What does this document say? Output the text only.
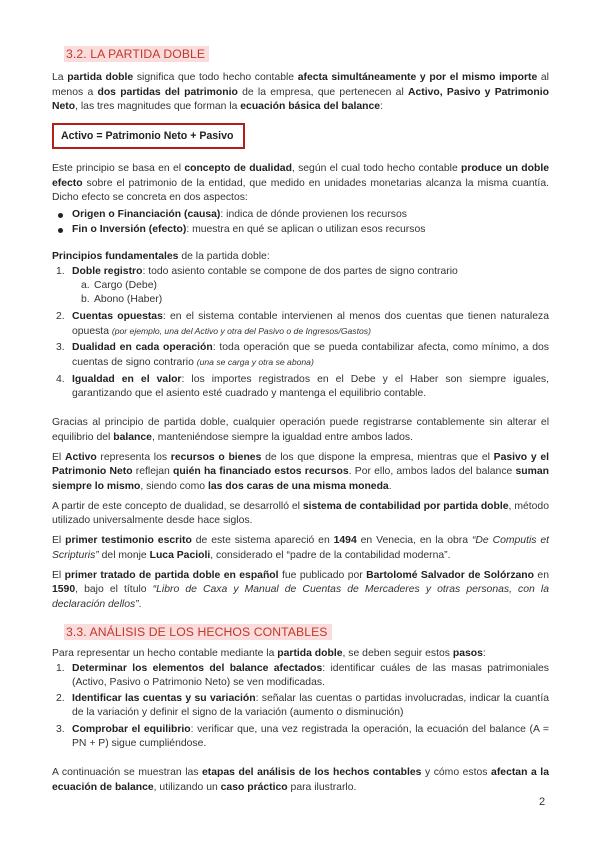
3.2. LA PARTIDA DOBLE

La partida doble significa que todo hecho contable afecta simultáneamente y por el mismo importe al menos a dos partidas del patrimonio de la empresa, que pertenecen al Activo, Pasivo y Patrimonio Neto, las tres magnitudes que forman la ecuación básica del balance:

Activo = Patrimonio Neto + Pasivo

Este principio se basa en el concepto de dualidad, según el cual todo hecho contable produce un doble efecto sobre el patrimonio de la entidad, que medido en unidades monetarias alcanza la misma cuantía. Dicho efecto se concreta en dos aspectos:

Origen o Financiación (causa): indica de dónde provienen los recursos
Fin o Inversión (efecto): muestra en qué se aplican o utilizan esos recursos

Principios fundamentales de la partida doble:

1. Doble registro: todo asiento contable se compone de dos partes de signo contrario
a. Cargo (Debe)
b. Abono (Haber)
2. Cuentas opuestas: en el sistema contable intervienen al menos dos cuentas que tienen naturaleza opuesta (por ejemplo, una del Activo y otra del Pasivo o de Ingresos/Gastos)
3. Dualidad en cada operación: toda operación que se pueda contabilizar afecta, como mínimo, a dos cuentas de signo contrario (una se carga y otra se abona)
4. Igualdad en el valor: los importes registrados en el Debe y el Haber son siempre iguales, garantizando que el asiento esté cuadrado y mantenga el equilibrio contable.

Gracias al principio de partida doble, cualquier operación puede registrarse contablemente sin alterar el equilibrio del balance, manteniéndose siempre la igualdad entre ambos lados.

El Activo representa los recursos o bienes de los que dispone la empresa, mientras que el Pasivo y el Patrimonio Neto reflejan quién ha financiado estos recursos. Por ello, ambos lados del balance suman siempre lo mismo, siendo como las dos caras de una misma moneda.

A partir de este concepto de dualidad, se desarrolló el sistema de contabilidad por partida doble, método utilizado universalmente desde hace siglos.

El primer testimonio escrito de este sistema apareció en 1494 en Venecia, en la obra “De Computis et Scripturis” del monje Luca Pacioli, considerado el “padre de la contabilidad moderna”.

El primer tratado de partida doble en español fue publicado por Bartolomé Salvador de Solórzano en 1590, bajo el título “Libro de Caxa y Manual de Cuentas de Mercaderes y otras personas, con la declaración dellos”.

3.3. ANÁLISIS DE LOS HECHOS CONTABLES

Para representar un hecho contable mediante la partida doble, se deben seguir estos pasos:

1. Determinar los elementos del balance afectados: identificar cuáles de las masas patrimoniales (Activo, Pasivo o Patrimonio Neto) se ven modificadas.
2. Identificar las cuentas y su variación: señalar las cuentas o partidas involucradas, indicar la cuantía de la variación y definir el signo de la variación (aumento o disminución)
3. Comprobar el equilibrio: verificar que, una vez registrada la operación, la ecuación del balance (A = PN + P) sigue cumpliéndose.

A continuación se muestran las etapas del análisis de los hechos contables y cómo estos afectan a la ecuación de balance, utilizando un caso práctico para ilustrarlo.

2
